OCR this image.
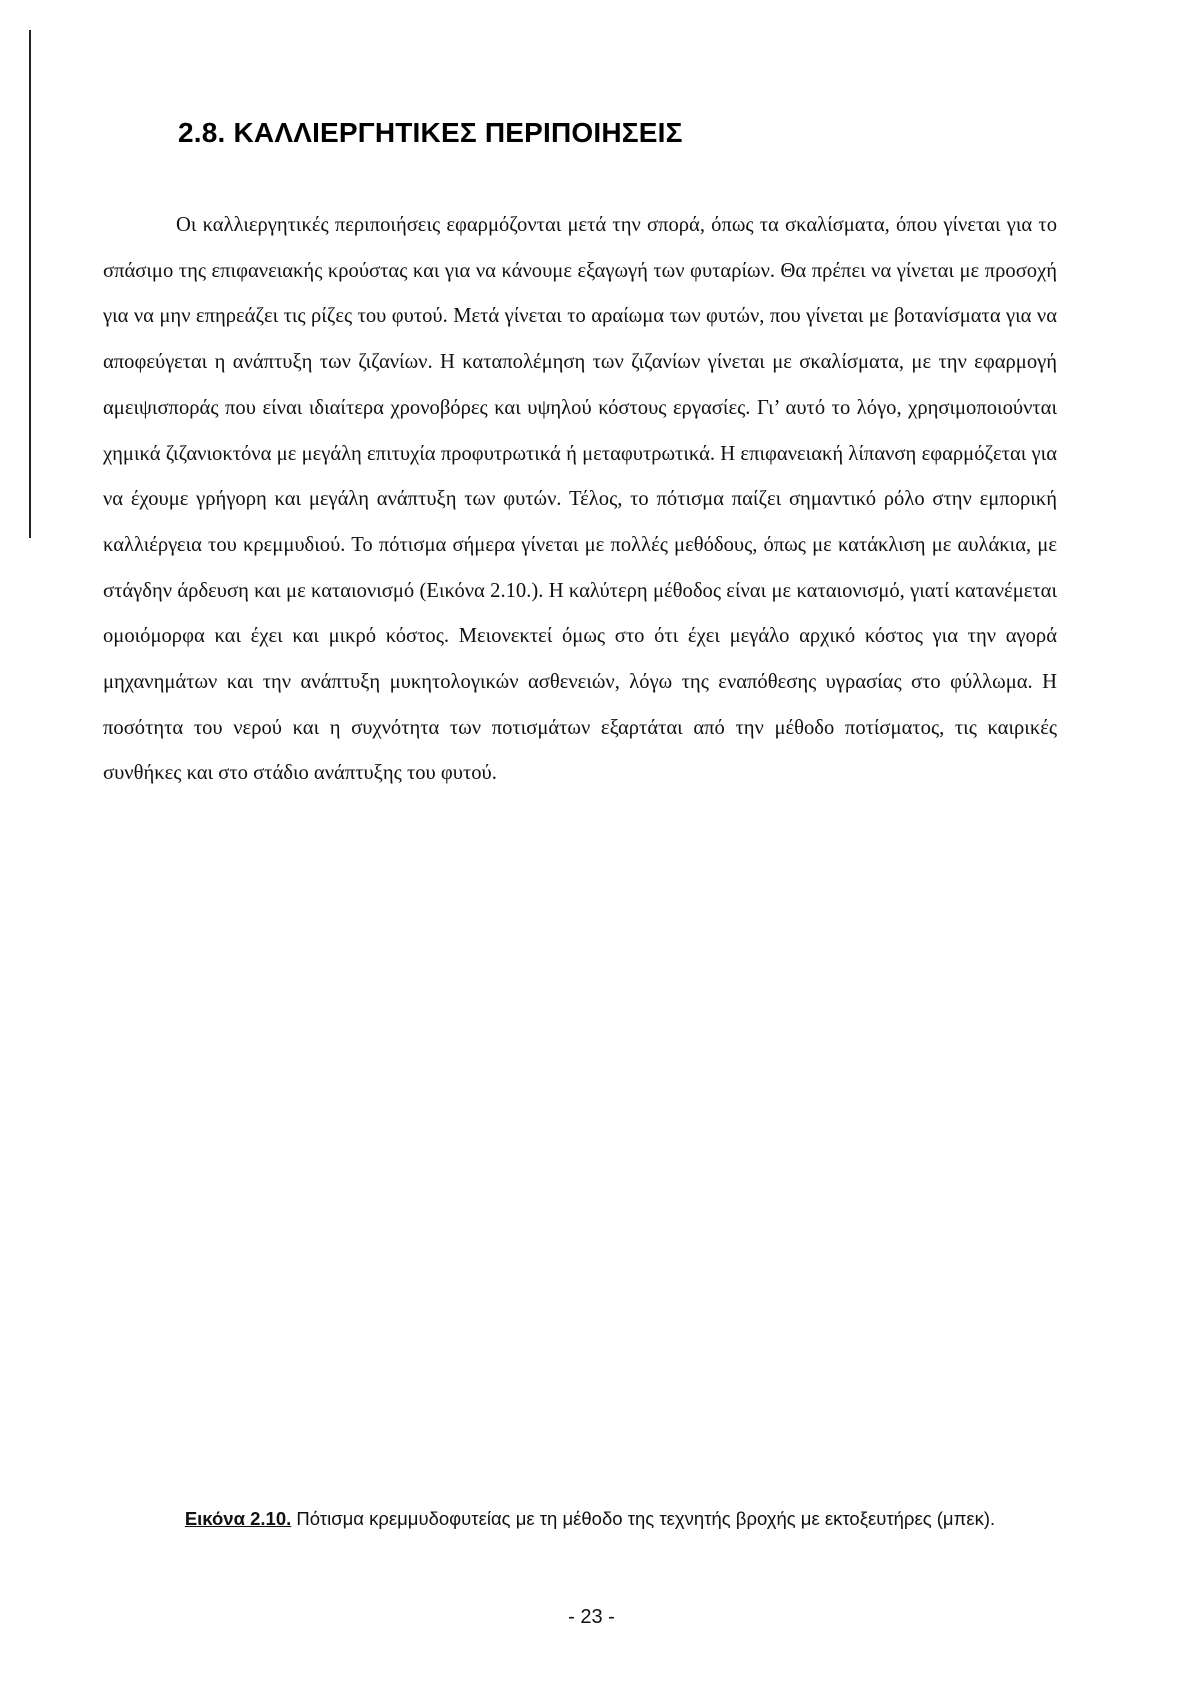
2.8. ΚΑΛΛΙΕΡΓΗΤΙΚΕΣ ΠΕΡΙΠΟΙΗΣΕΙΣ

Οι καλλιεργητικές περιποιήσεις εφαρμόζονται μετά την σπορά, όπως τα σκαλίσματα, όπου γίνεται για το σπάσιμο της επιφανειακής κρούστας και για να κάνουμε εξαγωγή των φυταρίων. Θα πρέπει να γίνεται με προσοχή για να μην επηρεάζει τις ρίζες του φυτού. Μετά γίνεται το αραίωμα των φυτών, που γίνεται με βοτανίσματα για να αποφεύγεται η ανάπτυξη των ζιζανίων. Η καταπολέμηση των ζιζανίων γίνεται με σκαλίσματα, με την εφαρμογή αμειψισποράς που είναι ιδιαίτερα χρονοβόρες και υψηλού κόστους εργασίες. Γι’ αυτό το λόγο, χρησιμοποιούνται χημικά ζιζανιοκτόνα με μεγάλη επιτυχία προφυτρωτικά ή μεταφυτρωτικά. Η επιφανειακή λίπανση εφαρμόζεται για να έχουμε γρήγορη και μεγάλη ανάπτυξη των φυτών. Τέλος, το πότισμα παίζει σημαντικό ρόλο στην εμπορική καλλιέργεια του κρεμμυδιού. Το πότισμα σήμερα γίνεται με πολλές μεθόδους, όπως με κατάκλιση με αυλάκια, με στάγδην άρδευση και με καταιονισμό (Εικόνα 2.10.). Η καλύτερη μέθοδος είναι με καταιονισμό, γιατί κατανέμεται ομοιόμορφα και έχει και μικρό κόστος. Μειονεκτεί όμως στο ότι έχει μεγάλο αρχικό κόστος για την αγορά μηχανημάτων και την ανάπτυξη μυκητολογικών ασθενειών, λόγω της εναπόθεσης υγρασίας στο φύλλωμα. Η ποσότητα του νερού και η συχνότητα των ποτισμάτων εξαρτάται από την μέθοδο ποτίσματος, τις καιρικές συνθήκες και στο στάδιο ανάπτυξης του φυτού.

Εικόνα 2.10. Πότισμα κρεμμυδοφυτείας με τη μέθοδο της τεχνητής βροχής με εκτοξευτήρες (μπεκ).

- 23 -
